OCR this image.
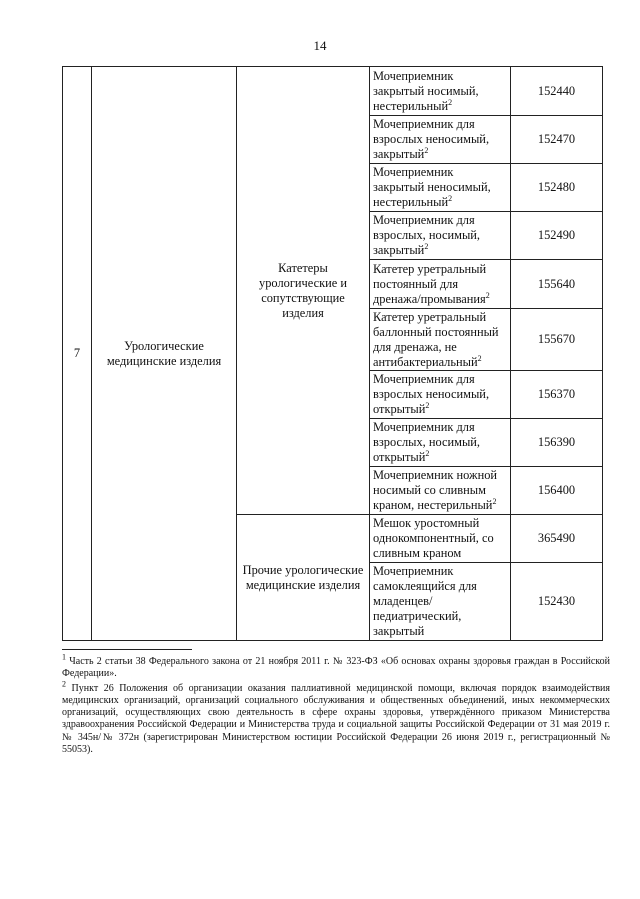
14
7	Урологические медицинские изделия	Катетеры урологические и сопутствующие изделия	Мочеприемник закрытый носимый, нестерильный$^2$	152440
			Мочеприемник для взрослых неносимый, закрытый$^2$	152470
			Мочеприемник закрытый неносимый, нестерильный$^2$	152480
			Мочеприемник для взрослых, носимый, закрытый$^2$	152490
			Катетер уретральный постоянный для дренажа/промывания$^2$	155640
			Катетер уретральный баллонный постоянный для дренажа, не антибактериальный$^2$	155670
			Мочеприемник для взрослых неносимый, открытый$^2$	156370
			Мочеприемник для взрослых, носимый, открытый$^2$	156390
			Мочеприемник ножной носимый со сливным краном, нестерильный$^2$	156400
		Прочие урологические медицинские изделия	Мешок уростомный однокомпонентный, со сливным краном	365490
			Мочеприемник самоклеящийся для младенцев/ педиатрический, закрытый	152430

$^1$ Часть 2 статьи 38 Федерального закона от 21 ноября 2011 г. № 323-ФЗ «Об основах охраны здоровья граждан в Российской Федерации».

$^2$ Пункт 26 Положения об организации оказания паллиативной медицинской помощи, включая порядок взаимодействия медицинских организаций, организаций социального обслуживания и общественных объединений, иных некоммерческих организаций, осуществляющих свою деятельность в сфере охраны здоровья, утверждённого приказом Министерства здравоохранения Российской Федерации и Министерства труда и социальной защиты Российской Федерации от 31 мая 2019 г. № 345н/№ 372н (зарегистрирован Министерством юстиции Российской Федерации 26 июня 2019 г., регистрационный № 55053).
